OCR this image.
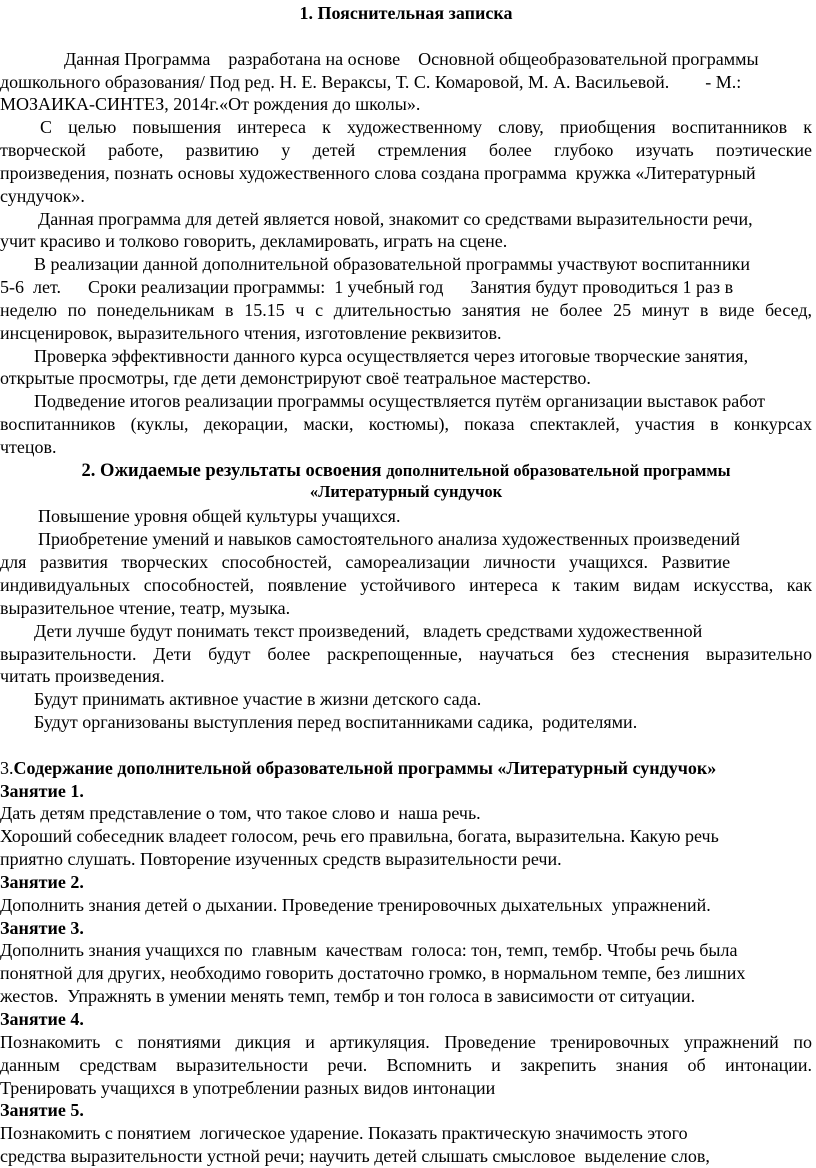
1. Пояснительная записка
Данная Программа    разработана на основе    Основной общеобразовательной программы
дошкольного образования/ Под ред. Н. Е. Вераксы, Т. С. Комаровой, М. А. Васильевой.        - М.:
МОЗАИКА-СИНТЕЗ, 2014г.«От рождения до школы».
С целью повышения интереса к художественному слову, приобщения воспитанников к
творческой работе, развитию у детей стремления более глубоко изучать поэтические
произведения, познать основы художественного слова создана программа  кружка «Литературный
сундучок».
Данная программа для детей является новой, знакомит со средствами выразительности речи,
учит красиво и толково говорить, декламировать, играть на сцене.
В реализации данной дополнительной образовательной программы участвуют воспитанники
5-6  лет.      Сроки реализации программы:  1 учебный год      Занятия будут проводиться 1 раз в
неделю по понедельникам в 15.15 ч с длительностью занятия не более 25 минут в виде бесед,
инсценировок, выразительного чтения, изготовление реквизитов.
Проверка эффективности данного курса осуществляется через итоговые творческие занятия,
открытые просмотры, где дети демонстрируют своё театральное мастерство.
Подведение итогов реализации программы осуществляется путём организации выставок работ
воспитанников (куклы, декорации, маски, костюмы), показа спектаклей, участия в конкурсах
чтецов.
2. Ожидаемые результаты освоения дополнительной образовательной программы
«Литературный сундучок
Повышение уровня общей культуры учащихся.
Приобретение умений и навыков самостоятельного анализа художественных произведений
для   развития   творческих   способностей,   самореализации   личности   учащихся.   Развитие
индивидуальных способностей, появление устойчивого интереса к таким видам искусства, как
выразительное чтение, театр, музыка.
Дети лучше будут понимать текст произведений,   владеть средствами художественной
выразительности. Дети будут более раскрепощенные, научаться без стеснения выразительно
читать произведения.
Будут принимать активное участие в жизни детского сада.
Будут организованы выступления перед воспитанниками садика,  родителями.
3.Содержание дополнительной образовательной программы «Литературный сундучок»
Занятие 1.
Дать детям представление о том, что такое слово и  наша речь.
Хороший собеседник владеет голосом, речь его правильна, богата, выразительна. Какую речь
приятно слушать. Повторение изученных средств выразительности речи.
Занятие 2.
Дополнить знания детей о дыхании. Проведение тренировочных дыхательных  упражнений.
Занятие 3.
Дополнить знания учащихся по  главным  качествам  голоса: тон, темп, тембр. Чтобы речь была
понятной для других, необходимо говорить достаточно громко, в нормальном темпе, без лишних
жестов.  Упражнять в умении менять темп, тембр и тон голоса в зависимости от ситуации.
Занятие 4.
Познакомить с понятиями дикция и артикуляция. Проведение тренировочных упражнений по
данным средствам выразительности речи. Вспомнить и закрепить знания об интонации.
Тренировать учащихся в употреблении разных видов интонации
Занятие 5.
Познакомить с понятием  логическое ударение. Показать практическую значимость этого
средства выразительности устной речи; научить детей слышать смысловое  выделение слов,
